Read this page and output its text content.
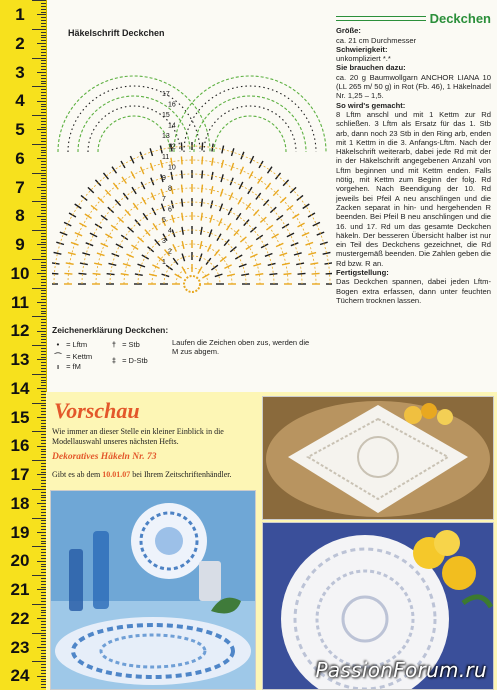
1
2
3
4
5
6
7
8
9
10
11
12
13
14
15
16
17
18
19
20
21
22
23
24
Häkelschrift Deckchen
17
16
15
14
13
12
11
10
9
8
7
6
5
4
3
2
1
Zeichenerklärung Deckchen:
• = Lftm
⌒ = Kettm
ı = fM
† = Stb
‡ = D-Stb
Laufen die Zeichen oben zus, werden die M zus abgem.
Deckchen

Größe:

ca. 21 cm Durchmesser

Schwierigkeit:

unkompliziert *.*

Sie brauchen dazu:

ca. 20 g Baumwollgarn ANCHOR LIANA 10 (LL 265 m/ 50 g) in Rot (Fb. 46), 1 Häkelnadel Nr. 1,25 – 1,5.

So wird's gemacht:

8 Lftm anschl und mit 1 Kettm zur Rd schließen. 3 Lftm als Ersatz für das 1. Stb arb, dann noch 23 Stb in den Ring arb, enden mit 1 Kettm in die 3. Anfangs-Lftm. Nach der Häkelschrift weiterarb, dabei jede Rd mit der in der Häkelschrift angegebenen Anzahl von Lftm beginnen und mit Kettm enden. Falls nötig, mit Kettm zum Beginn der folg. Rd vorgehen. Nach Beendigung der 10. Rd jeweils bei Pfeil A neu anschlingen und die Zacken separat in hin- und hergehenden R beenden. Bei Pfeil B neu anschlingen und die 16. und 17. Rd um das gesamte Deckchen häkeln. Der besseren Übersicht halber ist nur ein Teil des Deckchens gezeichnet, die Rd mustergemäß beenden. Die Zahlen geben die Rd bzw. R an.

Fertigstellung:

Das Deckchen spannen, dabei jeden Lftm-Bogen extra erfassen, dann unter feuchten Tüchern trocknen lassen.

Vorschau
Wie immer an dieser Stelle ein kleiner Einblick in die Modellauswahl unseres nächsten Hefts.
Dekoratives Häkeln Nr. 73
Gibt es ab dem 10.01.07 bei Ihrem Zeitschriftenhändler.
PassionForum.ru
